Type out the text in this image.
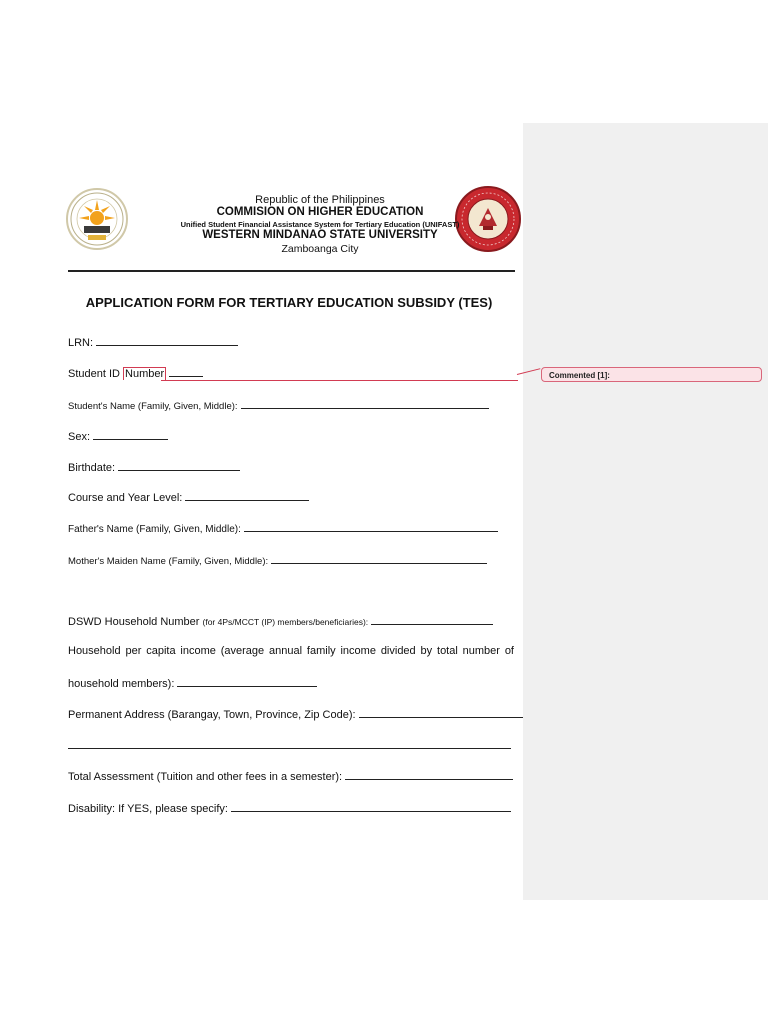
Commented [1]:
Republic of the Philippines
COMMISION ON HIGHER EDUCATION
Unified Student Financial Assistance System for Tertiary Education (UNIFAST)
WESTERN MINDANAO STATE UNIVERSITY
Zamboanga City
APPLICATION FORM FOR TERTIARY EDUCATION SUBSIDY (TES)
LRN:
Student ID Number
Student's Name (Family, Given, Middle):
Sex:
Birthdate:
Course and Year Level:
Father's Name (Family, Given, Middle):
Mother's Maiden Name (Family, Given, Middle):
DSWD Household Number (for 4Ps/MCCT (IP) members/beneficiaries):
Household per capita income (average annual family income divided by total number of
household members):
Permanent Address (Barangay, Town, Province, Zip Code):
Total Assessment (Tuition and other fees in a semester):
Disability: If YES, please specify:
